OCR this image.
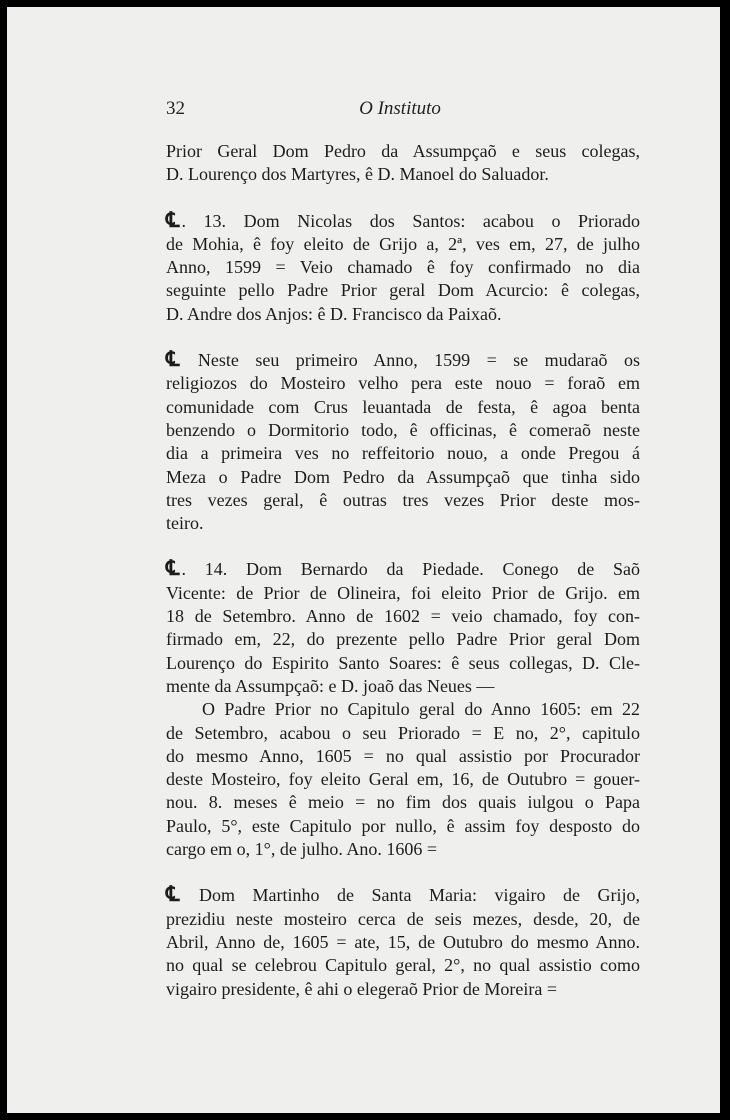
32	O Instituto

Prior Geral Dom Pedro da Assumpçaõ e seus colegas,
D. Lourenço dos Martyres, ê D. Manoel do Saluador.

℄ . 13. Dom Nicolas dos Santos: acabou o Priorado
de Mohia, ê foy eleito de Grijo a, 2ª, ves em, 27, de julho
Anno, 1599 = Veio chamado ê foy confirmado no dia
seguinte pello Padre Prior geral Dom Acurcio: ê colegas,
D. Andre dos Anjos: ê D. Francisco da Paixaõ.

℄ Neste seu primeiro Anno, 1599 = se mudaraõ os
religiozos do Mosteiro velho pera este nouo = foraõ em
comunidade com Crus leuantada de festa, ê agoa benta
benzendo o Dormitorio todo, ê officinas, ê comeraõ neste
dia a primeira ves no reffeitorio nouo, a onde Pregou á
Meza o Padre Dom Pedro da Assumpçaõ que tinha sido
tres vezes geral, ê outras tres vezes Prior deste mos-
teiro.

℄ . 14. Dom Bernardo da Piedade. Conego de Saõ
Vicente: de Prior de Olineira, foi eleito Prior de Grijo. em
18 de Setembro. Anno de 1602 = veio chamado, foy con-
firmado em, 22, do prezente pello Padre Prior geral Dom
Lourenço do Espirito Santo Soares: ê seus collegas, D. Cle-
mente da Assumpçaõ: e D. joaõ das Neues —

O Padre Prior no Capitulo geral do Anno 1605: em 22
de Setembro, acabou o seu Priorado = E no, 2°, capitulo
do mesmo Anno, 1605 = no qual assistio por Procurador
deste Mosteiro, foy eleito Geral em, 16, de Outubro = gouer-
nou. 8. meses ê meio = no fim dos quais iulgou o Papa
Paulo, 5°, este Capitulo por nullo, ê assim foy desposto do
cargo em o, 1°, de julho. Ano. 1606 =

℄ Dom Martinho de Santa Maria: vigairo de Grijo,
prezidiu neste mosteiro cerca de seis mezes, desde, 20, de
Abril, Anno de, 1605 = ate, 15, de Outubro do mesmo Anno.
no qual se celebrou Capitulo geral, 2°, no qual assistio como
vigairo presidente, ê ahi o elegeraõ Prior de Moreira =
